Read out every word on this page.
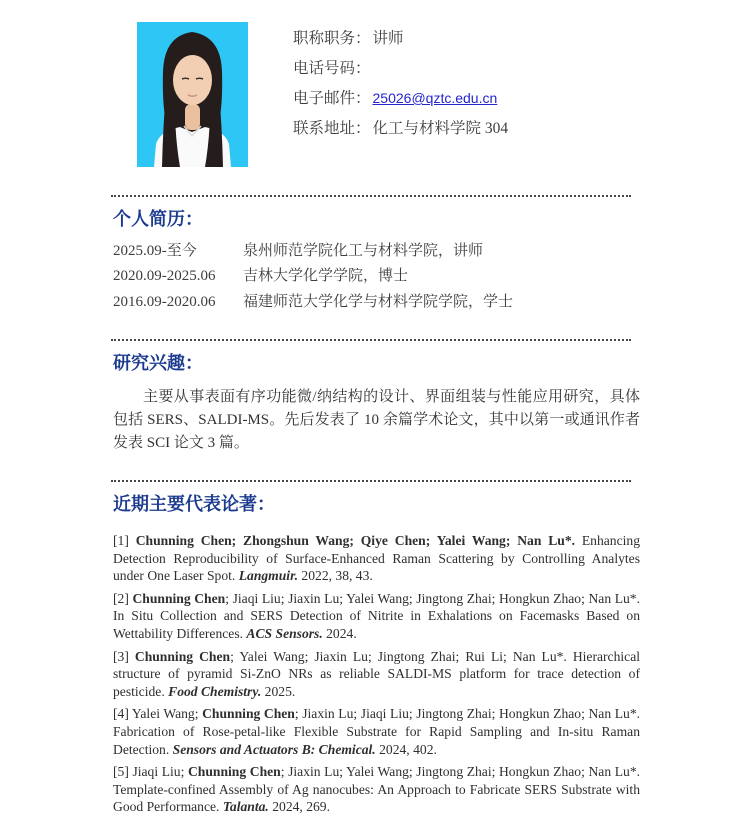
职称职务： 讲师
电话号码：
电子邮件： 25026@qztc.edu.cn
联系地址： 化工与材料学院 304
个人简历：
2025.09-至今	泉州师范学院化工与材料学院，讲师
2020.09-2025.06	吉林大学化学学院，博士
2016.09-2020.06	福建师范大学化学与材料学院学院，学士
研究兴趣：

主要从事表面有序功能微/纳结构的设计、界面组装与性能应用研究，具体包括 SERS、SALDI-MS。先后发表了 10 余篇学术论文，其中以第一或通讯作者发表 SCI 论文 3 篇。

近期主要代表论著：

[1] Chunning Chen; Zhongshun Wang; Qiye Chen; Yalei Wang; Nan Lu*. Enhancing Detection Reproducibility of Surface-Enhanced Raman Scattering by Controlling Analytes under One Laser Spot. Langmuir. 2022, 38, 43.

[2] Chunning Chen; Jiaqi Liu; Jiaxin Lu; Yalei Wang; Jingtong Zhai; Hongkun Zhao; Nan Lu*. In Situ Collection and SERS Detection of Nitrite in Exhalations on Facemasks Based on Wettability Differences. ACS Sensors. 2024.

[3] Chunning Chen; Yalei Wang; Jiaxin Lu; Jingtong Zhai; Rui Li; Nan Lu*. Hierarchical structure of pyramid Si-ZnO NRs as reliable SALDI-MS platform for trace detection of pesticide. Food Chemistry. 2025.

[4] Yalei Wang; Chunning Chen; Jiaxin Lu; Jiaqi Liu; Jingtong Zhai; Hongkun Zhao; Nan Lu*. Fabrication of Rose-petal-like Flexible Substrate for Rapid Sampling and In-situ Raman Detection. Sensors and Actuators B: Chemical. 2024, 402.

[5] Jiaqi Liu; Chunning Chen; Jiaxin Lu; Yalei Wang; Jingtong Zhai; Hongkun Zhao; Nan Lu*. Template-confined Assembly of Ag nanocubes: An Approach to Fabricate SERS Substrate with Good Performance. Talanta. 2024, 269.
